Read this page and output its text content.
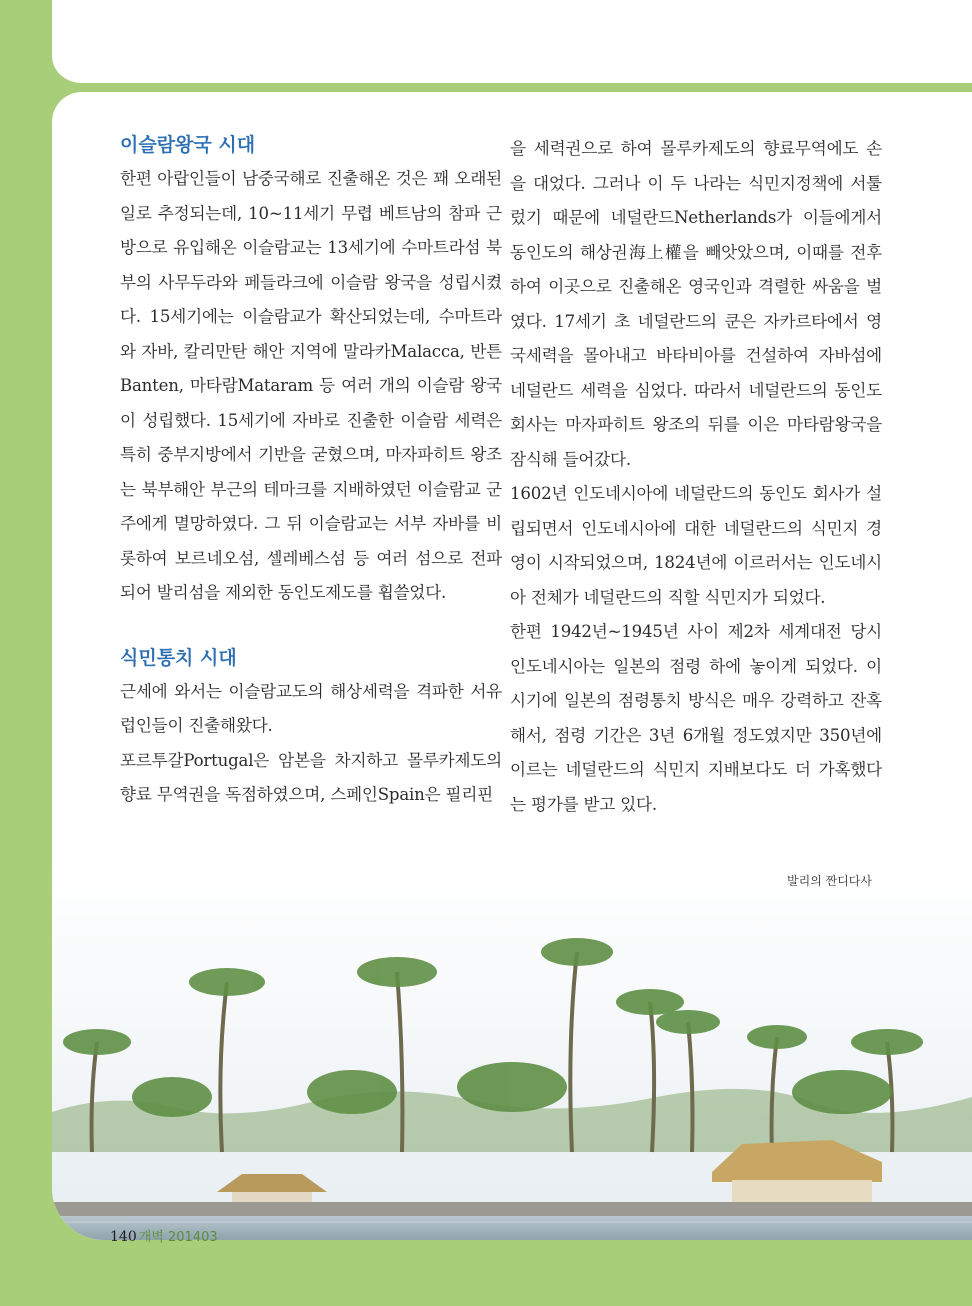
이슬람왕국 시대

한편 아랍인들이 남중국해로 진출해온 것은 꽤 오래된 일로 추정되는데, 10~11세기 무렵 베트남의 참파 근방으로 유입해온 이슬람교는 13세기에 수마트라섬 북부의 사무두라와 페들라크에 이슬람 왕국을 성립시켰다. 15세기에는 이슬람교가 확산되었는데, 수마트라와 자바, 칼리만탄 해안 지역에 말라카Malacca, 반튼Banten, 마타람Mataram 등 여러 개의 이슬람 왕국이 성립했다. 15세기에 자바로 진출한 이슬람 세력은 특히 중부지방에서 기반을 굳혔으며, 마자파히트 왕조는 북부해안 부근의 테마크를 지배하였던 이슬람교 군주에게 멸망하였다. 그 뒤 이슬람교는 서부 자바를 비롯하여 보르네오섬, 셀레베스섬 등 여러 섬으로 전파되어 발리섬을 제외한 동인도제도를 휩쓸었다.

식민통치 시대

근세에 와서는 이슬람교도의 해상세력을 격파한 서유럽인들이 진출해왔다.

포르투갈Portugal은 암본을 차지하고 몰루카제도의 향료 무역권을 독점하였으며, 스페인Spain은 필리핀

을 세력권으로 하여 몰루카제도의 향료무역에도 손을 대었다. 그러나 이 두 나라는 식민지정책에 서툴렀기 때문에 네덜란드Netherlands가 이들에게서 동인도의 해상권海上權을 빼앗았으며, 이때를 전후하여 이곳으로 진출해온 영국인과 격렬한 싸움을 벌였다. 17세기 초 네덜란드의 쿤은 자카르타에서 영국세력을 몰아내고 바타비아를 건설하여 자바섬에 네덜란드 세력을 심었다. 따라서 네덜란드의 동인도회사는 마자파히트 왕조의 뒤를 이은 마타람왕국을 잠식해 들어갔다.

1602년 인도네시아에 네덜란드의 동인도 회사가 설립되면서 인도네시아에 대한 네덜란드의 식민지 경영이 시작되었으며, 1824년에 이르러서는 인도네시아 전체가 네덜란드의 직할 식민지가 되었다.

한편 1942년~1945년 사이 제2차 세계대전 당시 인도네시아는 일본의 점령 하에 놓이게 되었다. 이 시기에 일본의 점령통치 방식은 매우 강력하고 잔혹해서, 점령 기간은 3년 6개월 정도였지만 350년에 이르는 네덜란드의 식민지 지배보다도 더 가혹했다는 평가를 받고 있다.

발리의 짠디다사
140 개벽 201403
